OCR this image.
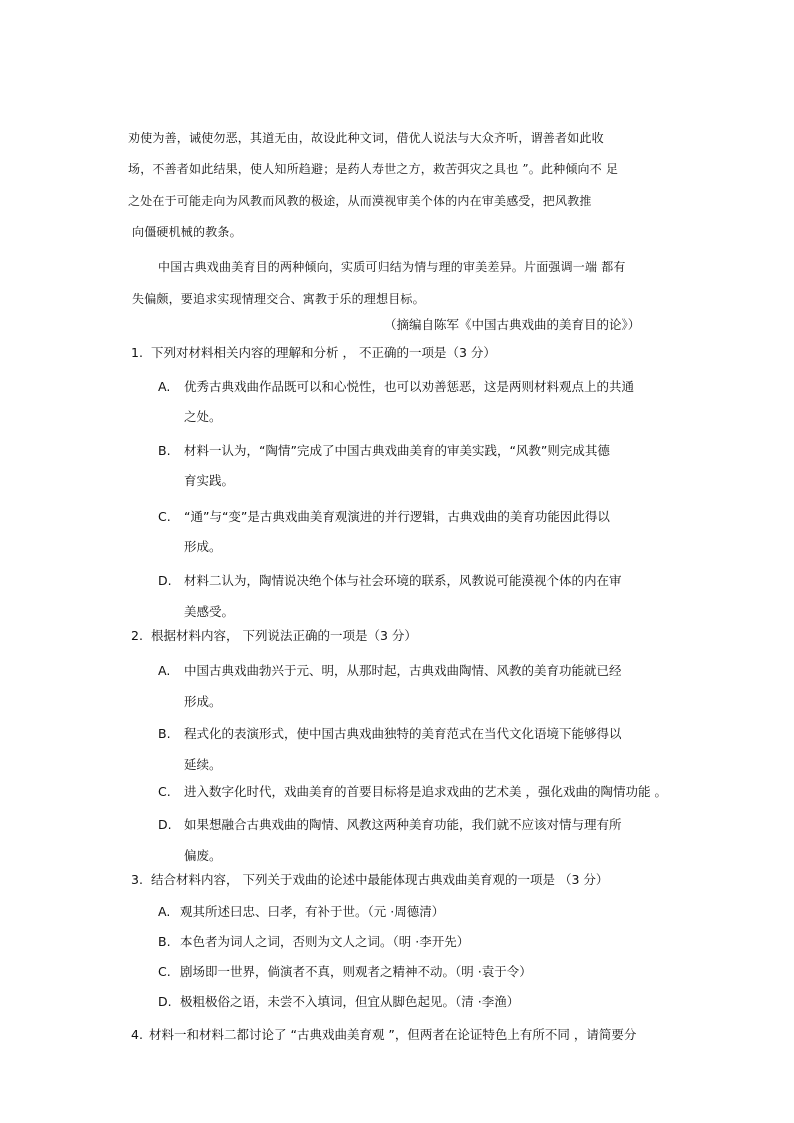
劝使为善，诫使勿恶，其道无由，故设此种文词，借优人说法与大众齐听，谓善者如此收
场，不善者如此结果，使人知所趋避；是药人寿世之方，救苦弭灾之具也 ”。此种倾向不 足
之处在于可能走向为风教而风教的极途，从而漠视审美个体的内在审美感受，把风教推
向僵硬机械的教条。
中国古典戏曲美育目的两种倾向，实质可归结为情与理的审美差异。片面强调一端 都有
失偏颇，要追求实现情理交合、寓教于乐的理想目标。
（摘编自陈军《中国古典戏曲的美育目的论》）
1. 下列对材料相关内容的理解和分析 ， 不正确的一项是（3 分）
A. 优秀古典戏曲作品既可以和心悦性，也可以劝善惩恶，这是两则材料观点上的共通
之处。
B. 材料一认为，“陶情”完成了中国古典戏曲美育的审美实践，“风教”则完成其德
育实践。
C. “通”与“变”是古典戏曲美育观演进的并行逻辑，古典戏曲的美育功能因此得以
形成。
D. 材料二认为，陶情说决绝个体与社会环境的联系，风教说可能漠视个体的内在审
美感受。
2. 根据材料内容， 下列说法正确的一项是（3 分）
A. 中国古典戏曲勃兴于元、明，从那时起，古典戏曲陶情、风教的美育功能就已经
形成。
B. 程式化的表演形式，使中国古典戏曲独特的美育范式在当代文化语境下能够得以
延续。
C. 进入数字化时代，戏曲美育的首要目标将是追求戏曲的艺术美 ，强化戏曲的陶情功能 。
D. 如果想融合古典戏曲的陶情、风教这两种美育功能，我们就不应该对情与理有所
偏废。
3. 结合材料内容， 下列关于戏曲的论述中最能体现古典戏曲美育观的一项是 （3 分）
A. 观其所述曰忠、曰孝，有补于世。（元 ·周德清）
B. 本色者为词人之词，否则为文人之词。（明 ·李开先）
C. 剧场即一世界，倘演者不真，则观者之精神不动。（明 ·袁于令）
D. 极粗极俗之语，未尝不入填词，但宜从脚色起见。（清 ·李渔）
4. 材料一和材料二都讨论了 “古典戏曲美育观 ”，但两者在论证特色上有所不同 ，请简要分
